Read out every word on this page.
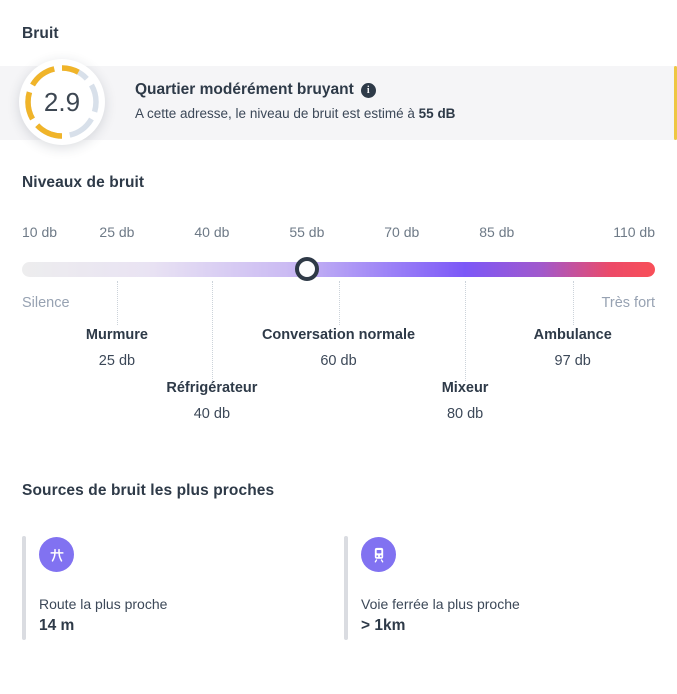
Bruit
2.9	Quartier modérément bruyant	i
A cette adresse, le niveau de bruit est estimé à 55 dB
Niveaux de bruit
10 db	25 db	40 db	55 db	70 db	85 db	110 db
Silence	Très fort
Murmure
25 db
Réfrigérateur
40 db
Conversation normale
60 db
Mixeur
80 db
Ambulance
97 db
Sources de bruit les plus proches
Route la plus proche
14 m
Voie ferrée la plus proche
> 1km
